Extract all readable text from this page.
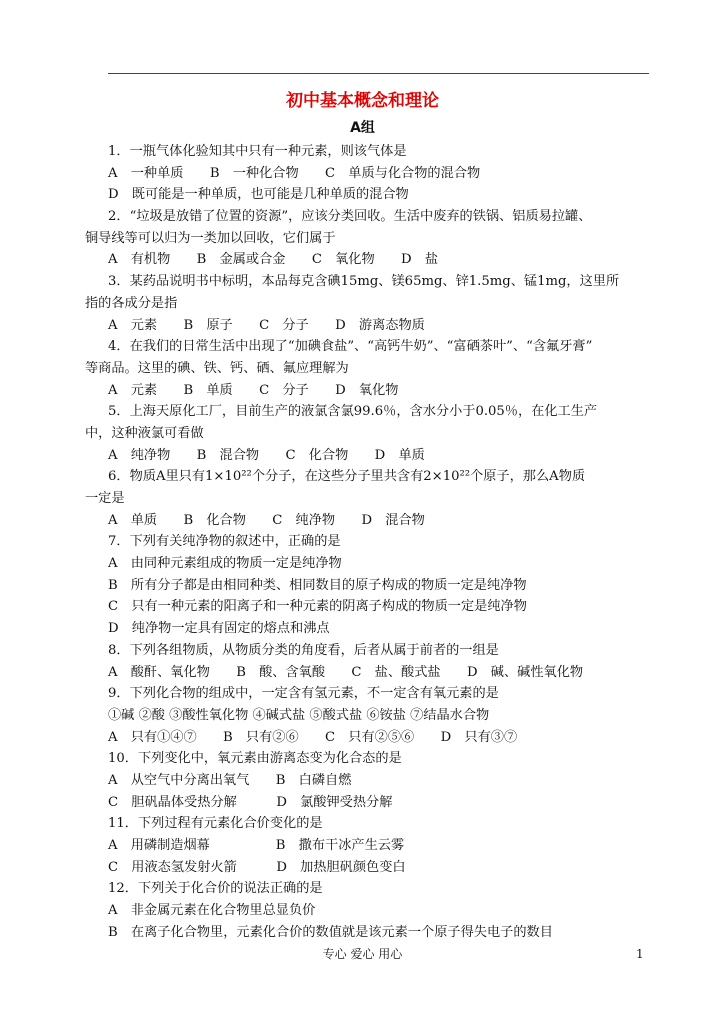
初中基本概念和理论
A组
1．一瓶气体化验知其中只有一种元素，则该气体是
A　一种单质　　B　一种化合物　　C　单质与化合物的混合物
D　既可能是一种单质，也可能是几种单质的混合物
2．“垃圾是放错了位置的资源”，应该分类回收。生活中废弃的铁锅、铝质易拉罐、
铜导线等可以归为一类加以回收，它们属于
A　有机物　　B　金属或合金　　C　氧化物　　D　盐
3．某药品说明书中标明，本品每克含碘15mg、镁65mg、锌1.5mg、锰1mg，这里所
指的各成分是指
A　元素　　B　原子　　C　分子　　D　游离态物质
4．在我们的日常生活中出现了“加碘食盐”、“高钙牛奶”、“富硒茶叶”、“含氟牙膏”
等商品。这里的碘、铁、钙、硒、氟应理解为
A　元素　　B　单质　　C　分子　　D　氧化物
5．上海天原化工厂，目前生产的液氯含氯99.6％，含水分小于0.05％，在化工生产
中，这种液氯可看做
A　纯净物　　B　混合物　　C　化合物　　D　单质
6．物质A里只有1×10²²个分子，在这些分子里共含有2×10²²个原子，那么A物质
一定是
A　单质　　B　化合物　　C　纯净物　　D　混合物
7．下列有关纯净物的叙述中，正确的是
A　由同种元素组成的物质一定是纯净物
B　所有分子都是由相同种类、相同数目的原子构成的物质一定是纯净物
C　只有一种元素的阳离子和一种元素的阴离子构成的物质一定是纯净物
D　纯净物一定具有固定的熔点和沸点
8．下列各组物质，从物质分类的角度看，后者从属于前者的一组是
A　酸酐、氧化物　　B　酸、含氧酸　　C　盐、酸式盐　　D　碱、碱性氧化物
9．下列化合物的组成中，一定含有氢元素，不一定含有氧元素的是
①碱 ②酸 ③酸性氧化物 ④碱式盐 ⑤酸式盐 ⑥铵盐 ⑦结晶水合物
A　只有①④⑦　　B　只有②⑥　　C　只有②⑤⑥　　D　只有③⑦
10．下列变化中，氧元素由游离态变为化合态的是
A　从空气中分离出氧气　　B　白磷自燃
C　胆矾晶体受热分解　　　D　氯酸钾受热分解
11．下列过程有元素化合价变化的是
A　用磷制造烟幕　　　　　B　撒布干冰产生云雾
C　用液态氢发射火箭　　　D　加热胆矾颜色变白
12．下列关于化合价的说法正确的是
A　非金属元素在化合物里总显负价
B　在离子化合物里，元素化合价的数值就是该元素一个原子得失电子的数目
专心 爱心 用心	1
